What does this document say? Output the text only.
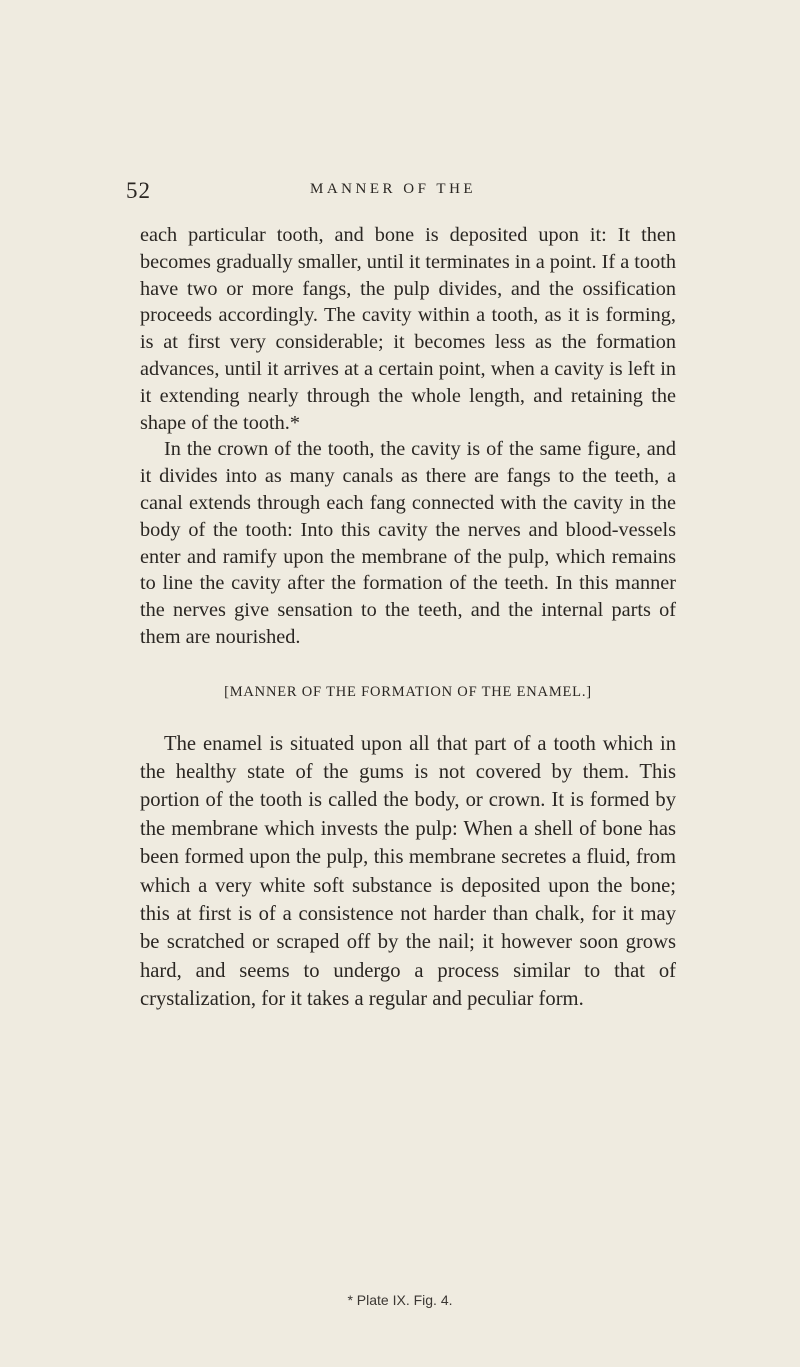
52	MANNER OF THE

each particular tooth, and bone is deposited upon it: It then becomes gradually smaller, until it terminates in a point. If a tooth have two or more fangs, the pulp divides, and the ossification proceeds accordingly. The cavity within a tooth, as it is forming, is at first very considerable; it becomes less as the formation advances, until it arrives at a certain point, when a cavity is left in it extending nearly through the whole length, and retaining the shape of the tooth.*

In the crown of the tooth, the cavity is of the same figure, and it divides into as many canals as there are fangs to the teeth, a canal extends through each fang connected with the cavity in the body of the tooth: Into this cavity the nerves and blood-vessels enter and ramify upon the membrane of the pulp, which remains to line the cavity after the formation of the teeth. In this manner the nerves give sensation to the teeth, and the internal parts of them are nourished.

[MANNER OF THE FORMATION OF THE ENAMEL.]

The enamel is situated upon all that part of a tooth which in the healthy state of the gums is not covered by them. This portion of the tooth is called the body, or crown. It is formed by the membrane which invests the pulp: When a shell of bone has been formed upon the pulp, this membrane secretes a fluid, from which a very white soft substance is deposited upon the bone; this at first is of a consistence not harder than chalk, for it may be scratched or scraped off by the nail; it however soon grows hard, and seems to undergo a process similar to that of crystalization, for it takes a regular and peculiar form.

* Plate IX. Fig. 4.
